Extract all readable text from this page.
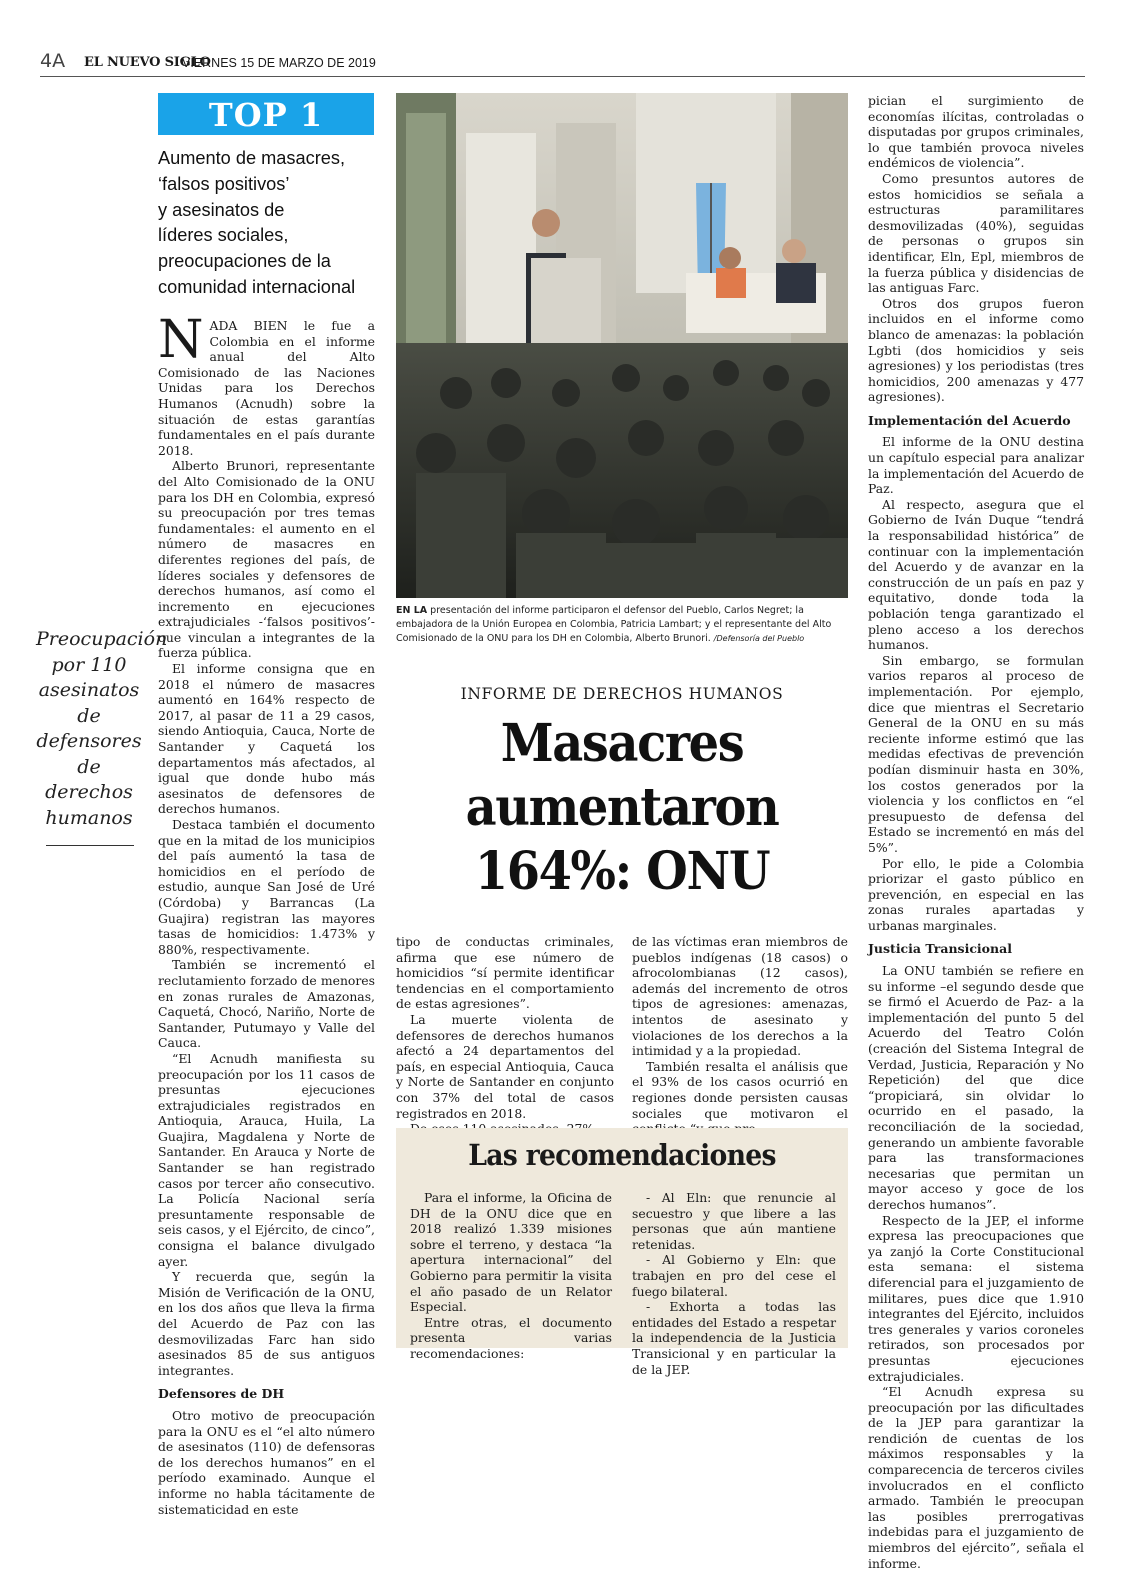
4A EL NUEVO SIGLO
VIERNES 15 DE MARZO DE 2019
TOP 1
Aumento de masacres,
‘falsos positivos’
y asesinatos de
líderes sociales,
preocupaciones de la
comunidad internacional

NADA BIEN le fue a Colombia en el informe anual del Alto Comisionado de las Naciones Unidas para los Derechos Humanos (Acnudh) sobre la situación de estas garantías fundamentales en el país durante 2018.

Alberto Brunori, representante del Alto Comisionado de la ONU para los DH en Colombia, expresó su preocupación por tres temas fundamentales: el aumento en el número de masacres en diferentes regiones del país, de líderes sociales y defensores de derechos humanos, así como el incremento en ejecuciones extrajudiciales -‘falsos positivos’- que vinculan a integrantes de la fuerza pública.

El informe consigna que en 2018 el número de masacres aumentó en 164% respecto de 2017, al pasar de 11 a 29 casos, siendo Antioquia, Cauca, Norte de Santander y Caquetá los departamentos más afectados, al igual que donde hubo más asesinatos de defensores de derechos humanos.

Destaca también el documento que en la mitad de los municipios del país aumentó la tasa de homicidios en el período de estudio, aunque San José de Uré (Córdoba) y Barrancas (La Guajira) registran las mayores tasas de homicidios: 1.473% y 880%, respectivamente.

También se incrementó el reclutamiento forzado de menores en zonas rurales de Amazonas, Caquetá, Chocó, Nariño, Norte de Santander, Putumayo y Valle del Cauca.

“El Acnudh manifiesta su preocupación por los 11 casos de presuntas ejecuciones extrajudiciales registrados en Antioquia, Arauca, Huila, La Guajira, Magdalena y Norte de Santander. En Arauca y Norte de Santander se han registrado casos por tercer año consecutivo. La Policía Nacional sería presuntamente responsable de seis casos, y el Ejército, de cinco”, consigna el balance divulgado ayer.

Y recuerda que, según la Misión de Verificación de la ONU, en los dos años que lleva la firma del Acuerdo de Paz con las desmovilizadas Farc han sido asesinados 85 de sus antiguos integrantes.

Defensores de DH

Otro motivo de preocupación para la ONU es el “el alto número de asesinatos (110) de defensoras de los derechos humanos” en el período examinado. Aunque el informe no habla tácitamente de sistematicidad en este

Preocupación por 110 asesinatos de defensores de derechos humanos
EN LA presentación del informe participaron el defensor del Pueblo, Carlos Negret; la embajadora de la Unión Europea en Colombia, Patricia Lambart; y el representante del Alto Comisionado de la ONU para los DH en Colombia, Alberto Brunori. /Defensoría del Pueblo
INFORME DE DERECHOS HUMANOS
Masacres
aumentaron
164%: ONU

tipo de conductas criminales, afirma que ese número de homicidios “sí permite identificar tendencias en el comportamiento de estas agresiones”.

La muerte violenta de defensores de derechos humanos afectó a 24 departamentos del país, en especial Antioquia, Cauca y Norte de Santander en conjunto con 37% del total de casos registrados en 2018.

de las víctimas eran miembros de pueblos indígenas (18 casos) o afrocolombianas (12 casos), además del incremento de otros tipos de agresiones: amenazas, intentos de asesinato y violaciones de los derechos a la intimidad y a la propiedad.

También resalta el análisis que el 93% de los casos ocurrió en regiones donde persisten causas sociales que motivaron el

Las recomendaciones

Para el informe, la Oficina de DH de la ONU dice que en 2018 realizó 1.339 misiones sobre el terreno, y destaca “la apertura internacional” del Gobierno para permitir la visita el año pasado de un Relator Especial.

Entre otras, el documento presenta varias recomendaciones:

- Al Eln: que renuncie al secuestro y que libere a las personas que aún mantiene retenidas.

- Al Gobierno y Eln: que trabajen en pro del cese el fuego bilateral.

- Exhorta a todas las entidades del Estado a respetar la independencia de la Justicia Transicional y en particular la de la JEP.

pician el surgimiento de economías ilícitas, controladas o disputadas por grupos criminales, lo que también provoca niveles endémicos de violencia”.

Como presuntos autores de estos homicidios se señala a estructuras paramilitares desmovilizadas (40%), seguidas de personas o grupos sin identificar, Eln, Epl, miembros de la fuerza pública y disidencias de las antiguas Farc.

Otros dos grupos fueron incluidos en el informe como blanco de amenazas: la población Lgbti (dos homicidios y seis agresiones) y los periodistas (tres homicidios, 200 amenazas y 477 agresiones).

Implementación del Acuerdo

El informe de la ONU destina un capítulo especial para analizar la implementación del Acuerdo de Paz.

Al respecto, asegura que el Gobierno de Iván Duque “tendrá la responsabilidad histórica” de continuar con la implementación del Acuerdo y de avanzar en la construcción de un país en paz y equitativo, donde toda la población tenga garantizado el pleno acceso a los derechos humanos.

Sin embargo, se formulan varios reparos al proceso de implementación. Por ejemplo, dice que mientras el Secretario General de la ONU en su más reciente informe estimó que las medidas efectivas de prevención podían disminuir hasta en 30%, los costos generados por la violencia y los conflictos en “el presupuesto de defensa del Estado se incrementó en más del 5%”.

Por ello, le pide a Colombia priorizar el gasto público en prevención, en especial en las zonas rurales apartadas y urbanas marginales.

Justicia Transicional

La ONU también se refiere en su informe –el segundo desde que se firmó el Acuerdo de Paz- a la implementación del punto 5 del Acuerdo del Teatro Colón (creación del Sistema Integral de Verdad, Justicia, Reparación y No Repetición) del que dice “propiciará, sin olvidar lo ocurrido en el pasado, la reconciliación de la sociedad, generando un ambiente favorable para las transformaciones necesarias que permitan un mayor acceso y goce de los derechos humanos”.

Respecto de la JEP, el informe expresa las preocupaciones que ya zanjó la Corte Constitucional esta semana: el sistema diferencial para el juzgamiento de militares, pues dice que 1.910 integrantes del Ejército, incluidos tres generales y varios coroneles retirados, son procesados por presuntas ejecuciones extrajudiciales.

“El Acnudh expresa su preocupación por las dificultades de la JEP para garantizar la rendición de cuentas de los máximos responsables y la comparecencia de terceros civiles involucrados en el conflicto armado. También le preocupan las posibles prerrogativas indebidas para el juzgamiento de miembros del ejército”, señala el informe.
